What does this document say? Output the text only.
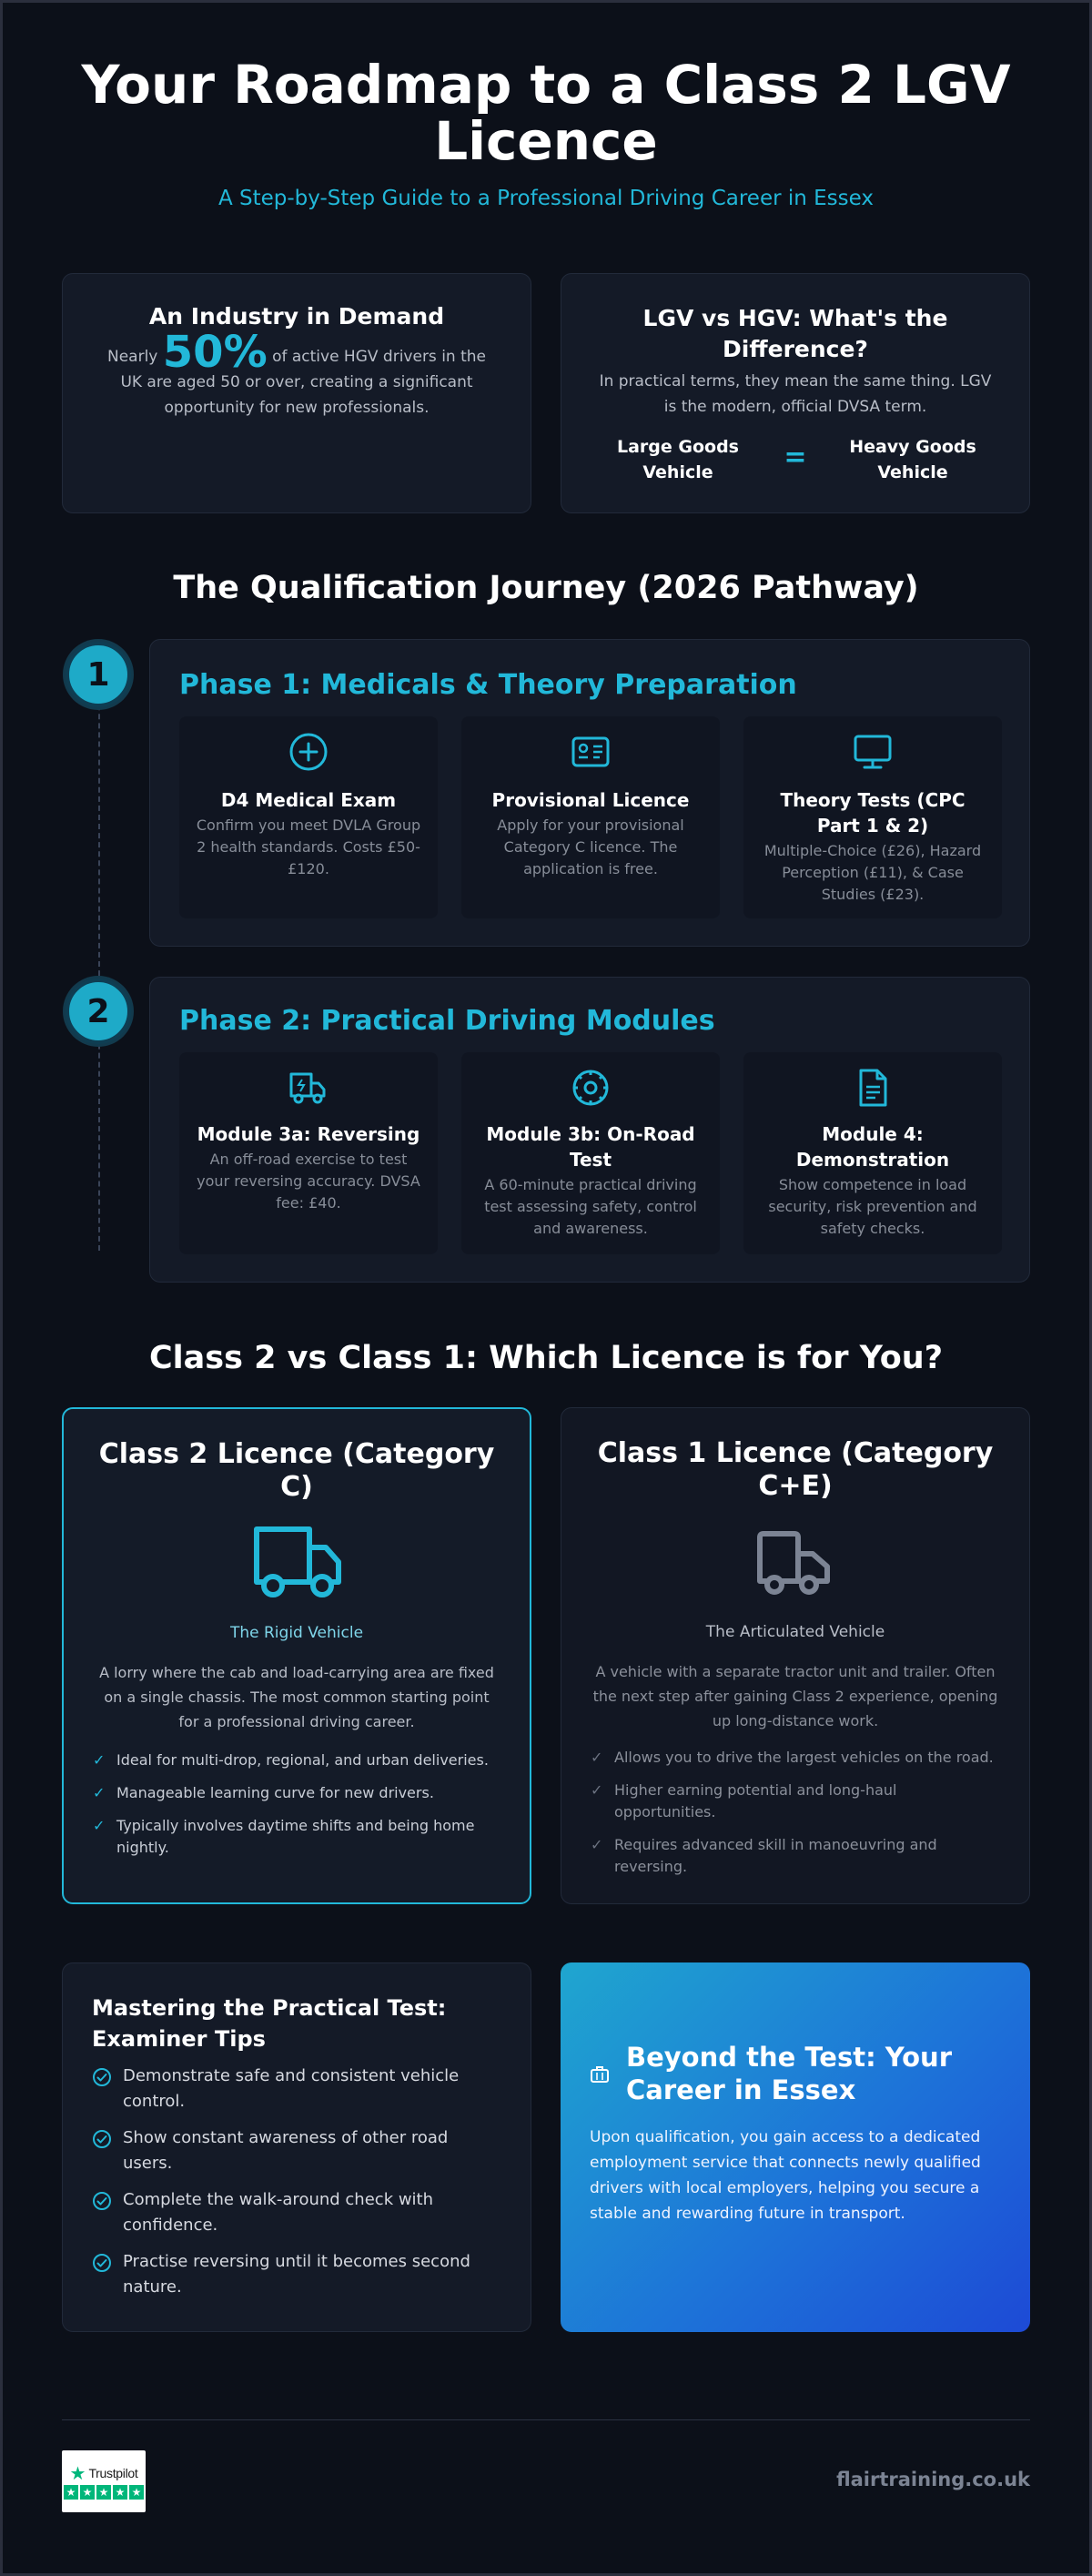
Your Roadmap to a Class 2 LGV Licence
A Step-by-Step Guide to a Professional Driving Career in Essex
An Industry in Demand
Nearly 50% of active HGV drivers in the UK are aged 50 or over, creating a significant opportunity for new professionals.
LGV vs HGV: What's the Difference?
In practical terms, they mean the same thing. LGV is the modern, official DVSA term.
Large Goods Vehicle	=	Heavy Goods Vehicle
The Qualification Journey (2026 Pathway)
1	Phase 1: Medicals & Theory Preparation
D4 Medical Exam
Confirm you meet DVLA Group 2 health standards. Costs £50-£120.
Provisional Licence
Apply for your provisional Category C licence. The application is free.
Theory Tests (CPC Part 1 & 2)
Multiple-Choice (£26), Hazard Perception (£11), & Case Studies (£23).
2	Phase 2: Practical Driving Modules
Module 3a: Reversing
An off-road exercise to test your reversing accuracy. DVSA fee: £40.
Module 3b: On-Road Test
A 60-minute practical driving test assessing safety, control and awareness.
Module 4: Demonstration
Show competence in load security, risk prevention and safety checks.
Class 2 vs Class 1: Which Licence is for You?
Class 2 Licence (Category C)
The Rigid Vehicle
A lorry where the cab and load-carrying area are fixed on a single chassis. The most common starting point for a professional driving career.
✓ Ideal for multi-drop, regional, and urban deliveries.
✓ Manageable learning curve for new drivers.
✓ Typically involves daytime shifts and being home nightly.
Class 1 Licence (Category C+E)
The Articulated Vehicle
A vehicle with a separate tractor unit and trailer. Often the next step after gaining Class 2 experience, opening up long-distance work.
✓ Allows you to drive the largest vehicles on the road.
✓ Higher earning potential and long-haul opportunities.
✓ Requires advanced skill in manoeuvring and reversing.
Mastering the Practical Test: Examiner Tips
Demonstrate safe and consistent vehicle control.
Show constant awareness of other road users.
Complete the walk-around check with confidence.
Practise reversing until it becomes second nature.
Beyond the Test: Your Career in Essex
Upon qualification, you gain access to a dedicated employment service that connects newly qualified drivers with local employers, helping you secure a stable and rewarding future in transport.
★ Trustpilot
★ ★ ★ ★ ★
flairtraining.co.uk
